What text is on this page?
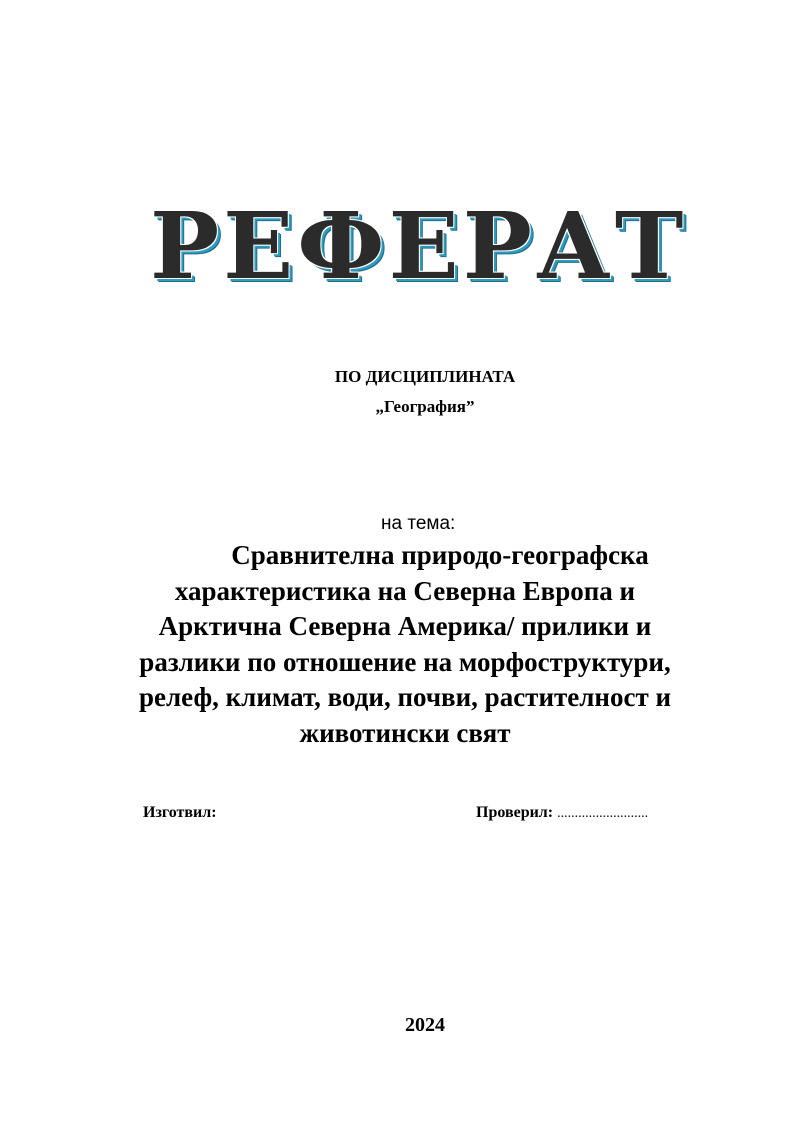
РЕФЕРАТ

ПО ДИСЦИПЛИНАТА

„География”

на тема:

Сравнителна природо-географска
характеристика на Северна Европа и
Арктична Северна Америка/ прилики и
разлики по отношение на морфоструктури,
релеф, климат, води, почви, растителност и
животински свят

Изготвил:	Проверил: ..........................

2024
